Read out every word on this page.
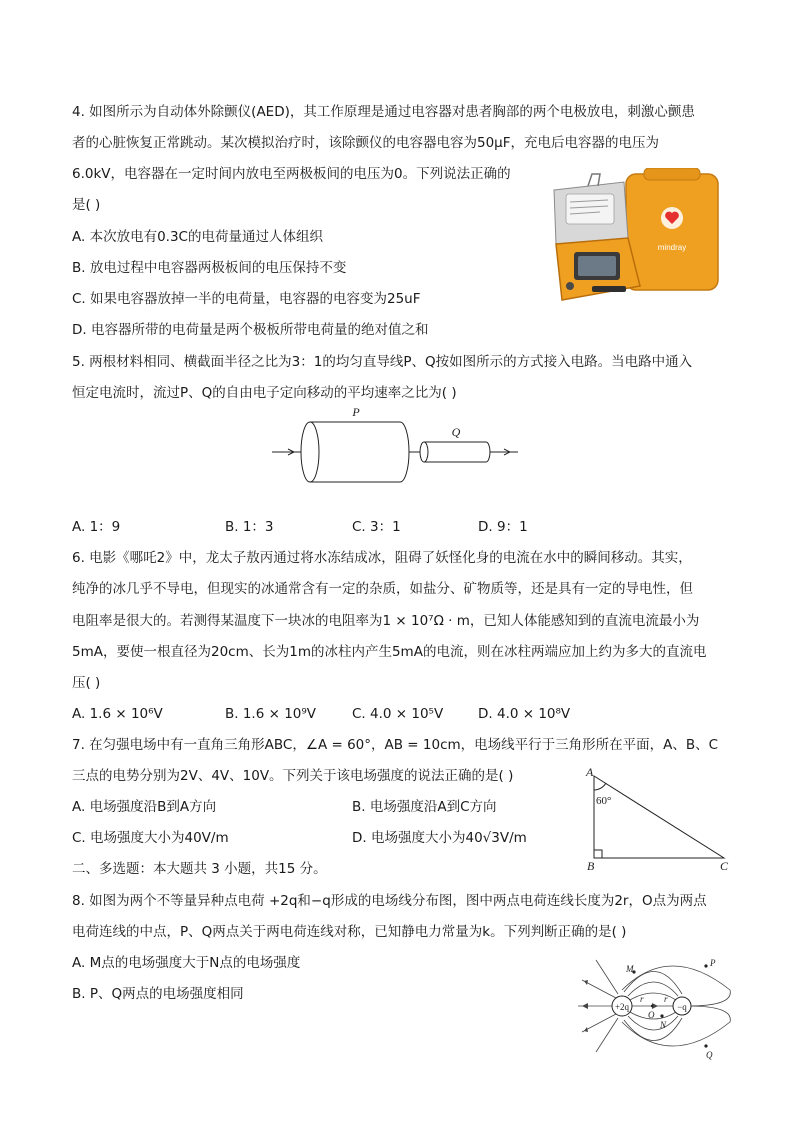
4. 如图所示为自动体外除颤仪(AED)，其工作原理是通过电容器对患者胸部的两个电极放电，刺激心颤患
者的心脏恢复正常跳动。某次模拟治疗时，该除颤仪的电容器电容为50μF，充电后电容器的电压为
6.0kV，电容器在一定时间内放电至两极板间的电压为0。下列说法正确的
是( )
A. 本次放电有0.3C的电荷量通过人体组织
B. 放电过程中电容器两极板间的电压保持不变
C. 如果电容器放掉一半的电荷量，电容器的电容变为25uF
D. 电容器所带的电荷量是两个极板所带电荷量的绝对值之和
mindray
5. 两根材料相同、横截面半径之比为3：1的均匀直导线P、Q按如图所示的方式接入电路。当电路中通入
恒定电流时，流过P、Q的自由电子定向移动的平均速率之比为( )
P
Q
A. 1：9	B. 1：3	C. 3：1	D. 9：1
6. 电影《哪吒2》中，龙太子敖丙通过将水冻结成冰，阻碍了妖怪化身的电流在水中的瞬间移动。其实，
纯净的冰几乎不导电，但现实的冰通常含有一定的杂质，如盐分、矿物质等，还是具有一定的导电性，但
电阻率是很大的。若测得某温度下一块冰的电阻率为1 × 10⁷Ω · m，已知人体能感知到的直流电流最小为
5mA，要使一根直径为20cm、长为1m的冰柱内产生5mA的电流，则在冰柱两端应加上约为多大的直流电
压( )
A. 1.6 × 10⁶V	B. 1.6 × 10⁹V	C. 4.0 × 10⁵V	D. 4.0 × 10⁸V
7. 在匀强电场中有一直角三角形ABC，∠A = 60°，AB = 10cm，电场线平行于三角形所在平面，A、B、C
三点的电势分别为2V、4V、10V。下列关于该电场强度的说法正确的是( )
A. 电场强度沿B到A方向	B. 电场强度沿A到C方向
C. 电场强度大小为40V/m	D. 电场强度大小为40√3V/m
A
60°
B	C
二、多选题：本大题共 3 小题，共15 分。
8. 如图为两个不等量异种点电荷 +2q和−q形成的电场线分布图，图中两点电荷连线长度为2r，O点为两点
电荷连线的中点，P、Q两点关于两电荷连线对称，已知静电力常量为k。下列判断正确的是( )
A. M点的电场强度大于N点的电场强度
B. P、Q两点的电场强度相同
+2q	−q
M
N
O
r r
P
Q
